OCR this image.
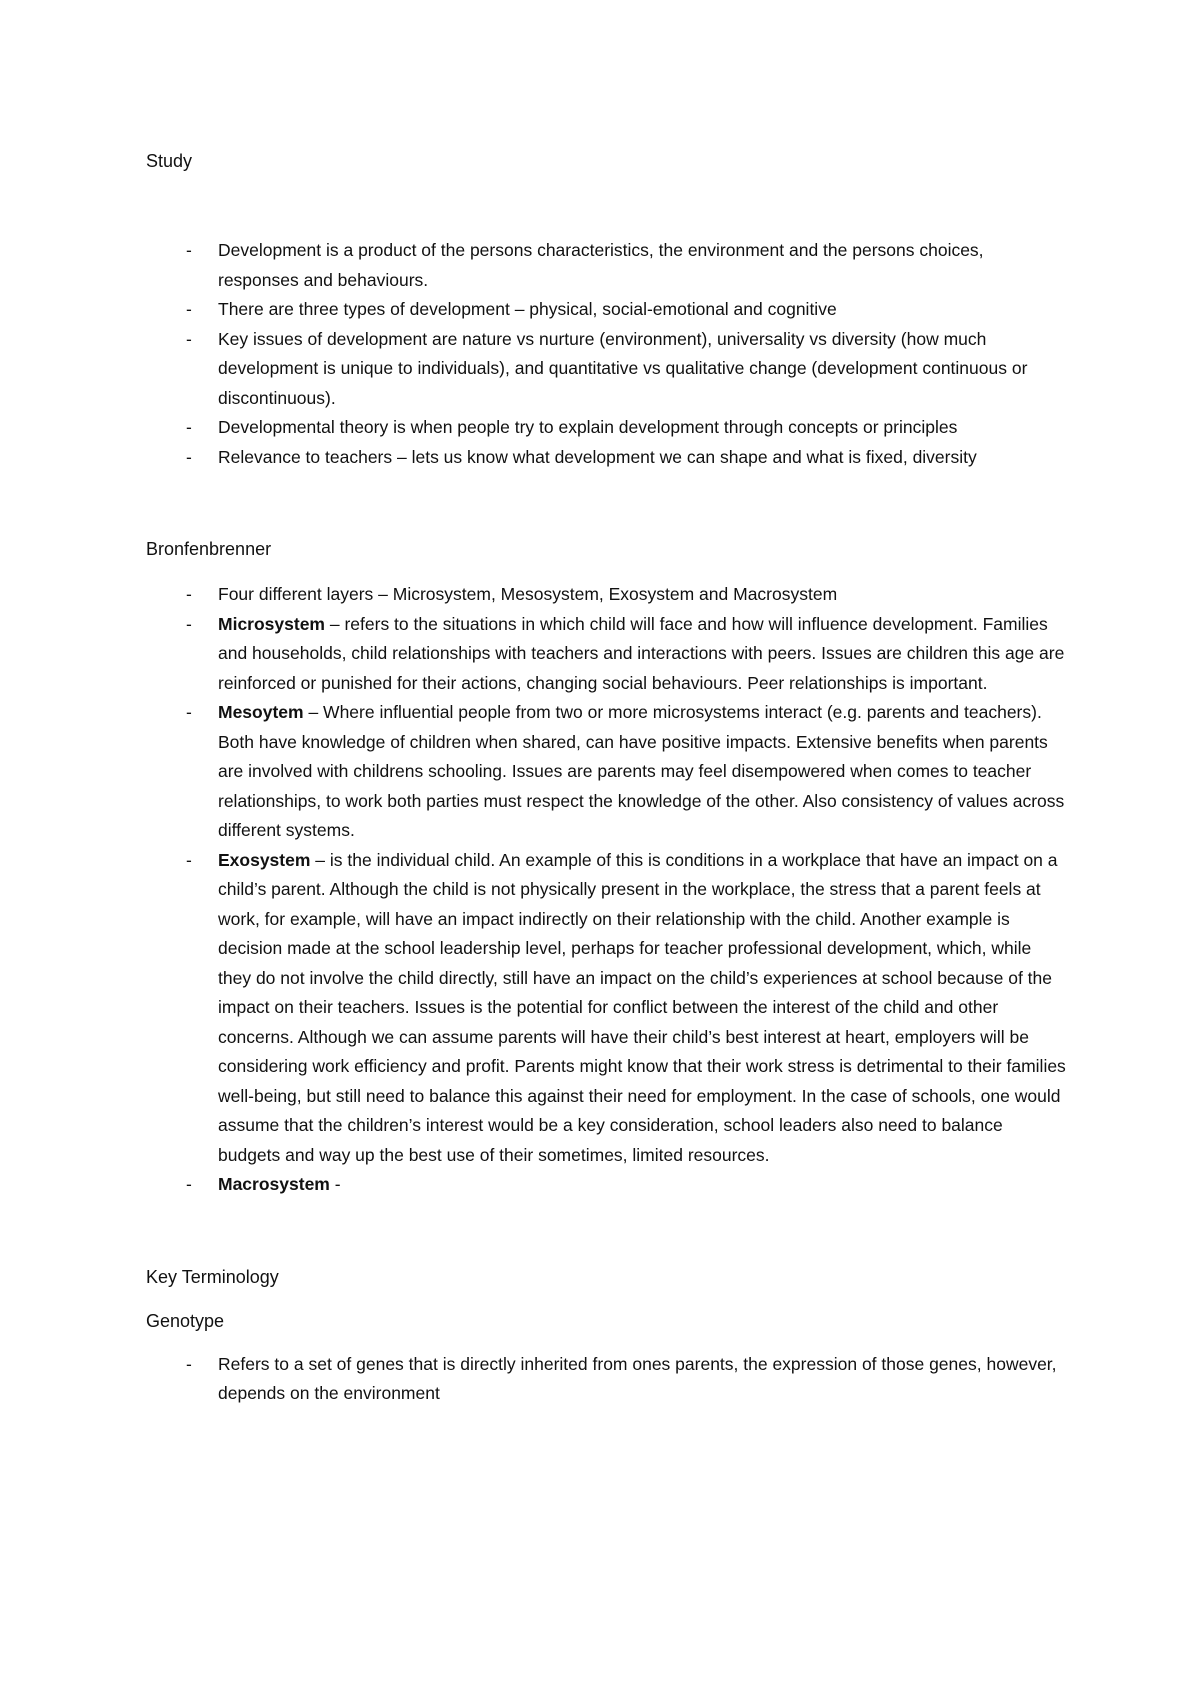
Study

- Development is a product of the persons characteristics, the environment and the persons choices, responses and behaviours.
- There are three types of development – physical, social-emotional and cognitive
- Key issues of development are nature vs nurture (environment), universality vs diversity (how much development is unique to individuals), and quantitative vs qualitative change (development continuous or discontinuous).
- Developmental theory is when people try to explain development through concepts or principles
- Relevance to teachers – lets us know what development we can shape and what is fixed, diversity

Bronfenbrenner

- Four different layers – Microsystem, Mesosystem, Exosystem and Macrosystem
- Microsystem – refers to the situations in which child will face and how will influence development. Families and households, child relationships with teachers and interactions with peers. Issues are children this age are reinforced or punished for their actions, changing social behaviours. Peer relationships is important.
- Mesoytem – Where influential people from two or more microsystems interact (e.g. parents and teachers). Both have knowledge of children when shared, can have positive impacts. Extensive benefits when parents are involved with childrens schooling. Issues are parents may feel disempowered when comes to teacher relationships, to work both parties must respect the knowledge of the other. Also consistency of values across different systems.
- Exosystem – is the individual child. An example of this is conditions in a workplace that have an impact on a child’s parent. Although the child is not physically present in the workplace, the stress that a parent feels at work, for example, will have an impact indirectly on their relationship with the child. Another example is decision made at the school leadership level, perhaps for teacher professional development, which, while they do not involve the child directly, still have an impact on the child’s experiences at school because of the impact on their teachers. Issues is the potential for conflict between the interest of the child and other concerns. Although we can assume parents will have their child’s best interest at heart, employers will be considering work efficiency and profit. Parents might know that their work stress is detrimental to their families well-being, but still need to balance this against their need for employment. In the case of schools, one would assume that the children’s interest would be a key consideration, school leaders also need to balance budgets and way up the best use of their sometimes, limited resources.
- Macrosystem -

Key Terminology

Genotype

- Refers to a set of genes that is directly inherited from ones parents, the expression of those genes, however, depends on the environment
